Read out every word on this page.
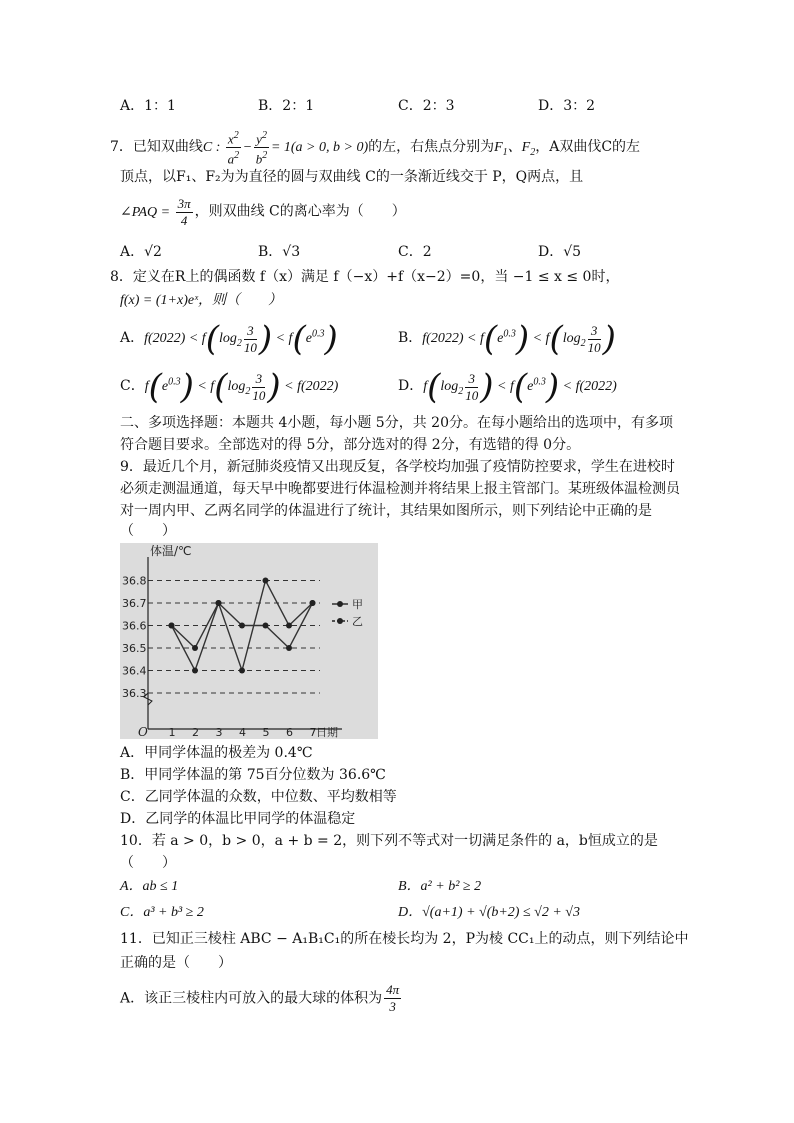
A．1：1	B．2：1	C．2：3	D．3：2
7．已知双曲线C : $\frac{x^2}{a^2} - \frac{y^2}{b^2} = 1(a > 0$, b > 0)的左，右焦点分别为$F_1$、$F_2$，A双曲伐C的左
顶点，以F₁、F₂为为直径的圆与双曲线 C的一条渐近线交于 P，Q两点，且
∠PAQ = $\frac{3\pi}{4}$ ，则双曲线 C的离心率为（　　）
A．√2	B．√3	C．2	D．√5
8．定义在R上的偶函数 f（x）满足 f（−x）+f（x−2）=0，当 −1 ≤ x ≤ 0时，
f(x) = (1+x)eˣ，则（　　）
A．$f(2022) < f(\log_2 \frac{3}{10}$ ) < $f(e^{0.3})$	B．$f(2022) < f(e^{0.3}) < f(\log_2 \frac{3}{10}$ )
C．$f(e^{0.3}) < f(\log_2 \frac{3}{10}$ ) < f(2022)	D．$f(\log_2 \frac{3}{10}$ ) < $f(e^{0.3}) < f(2022)$
二、多项选择题：本题共 4小题，每小题 5分，共 20分。在每小题给出的选项中，有多项
符合题目要求。全部选对的得 5分，部分选对的得 2分，有选错的得 0分。
9．最近几个月，新冠肺炎疫情又出现反复，各学校均加强了疫情防控要求，学生在进校时
必须走测温通道，每天早中晚都要进行体温检测并将结果上报主管部门。某班级体温检测员
对一周内甲、乙两名同学的体温进行了统计，其结果如图所示，则下列结论中正确的是
（　　）
体温/℃
日期
O
36.3
36.4
36.5
36.6
36.7
36.8
1 2 3 4 5 6 7
甲
乙
A．甲同学体温的极差为 0.4℃
B．甲同学体温的第 75百分位数为 36.6℃
C．乙同学体温的众数，中位数、平均数相等
D．乙同学的体温比甲同学的体温稳定
10．若 a > 0，b > 0，a + b = 2，则下列不等式对一切满足条件的 a，b恒成立的是
（　　）
A．ab ≤ 1	B．a² + b² ≥ 2
C．a³ + b³ ≥ 2	D．√(a+1) + √(b+2) ≤ √2 + √3
11．已知正三棱柱 ABC − A₁B₁C₁的所在棱长均为 2，P为棱 CC₁上的动点，则下列结论中
正确的是（　　）
A．该正三棱柱内可放入的最大球的体积为 $\frac{4\pi}{3}$
